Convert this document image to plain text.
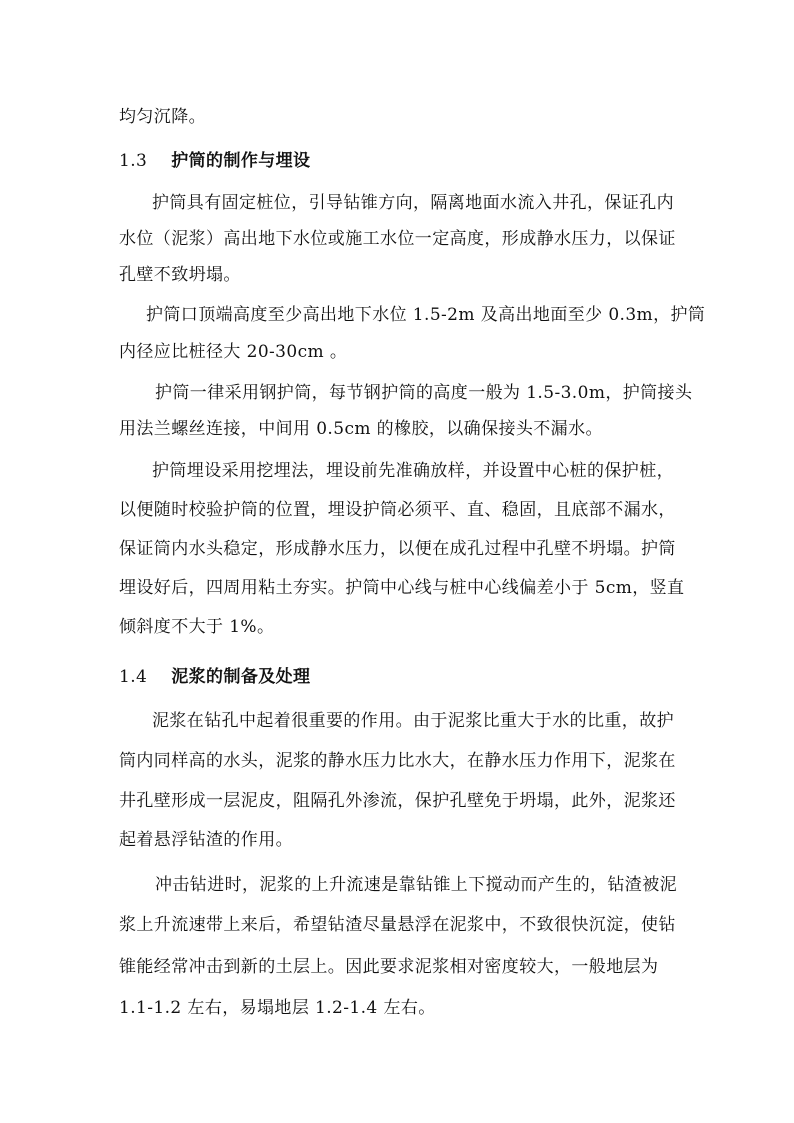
均匀沉降。
1.3 护筒的制作与埋设
护筒具有固定桩位，引导钻锥方向，隔离地面水流入井孔，保证孔内
水位（泥浆）高出地下水位或施工水位一定高度，形成静水压力，以保证
孔壁不致坍塌。
护筒口顶端高度至少高出地下水位 1.5-2m 及高出地面至少 0.3m，护筒
内径应比桩径大 20-30cm 。
护筒一律采用钢护筒，每节钢护筒的高度一般为 1.5-3.0m，护筒接头
用法兰螺丝连接，中间用 0.5cm 的橡胶，以确保接头不漏水。
护筒埋设采用挖埋法，埋设前先准确放样，并设置中心桩的保护桩，
以便随时校验护筒的位置，埋设护筒必须平、直、稳固，且底部不漏水，
保证筒内水头稳定，形成静水压力，以便在成孔过程中孔壁不坍塌。护筒
埋设好后，四周用粘土夯实。护筒中心线与桩中心线偏差小于 5cm，竖直
倾斜度不大于 1%。
1.4 泥浆的制备及处理
泥浆在钻孔中起着很重要的作用。由于泥浆比重大于水的比重，故护
筒内同样高的水头，泥浆的静水压力比水大，在静水压力作用下，泥浆在
井孔壁形成一层泥皮，阻隔孔外渗流，保护孔壁免于坍塌，此外，泥浆还
起着悬浮钻渣的作用。
冲击钻进时，泥浆的上升流速是靠钻锥上下搅动而产生的，钻渣被泥
浆上升流速带上来后，希望钻渣尽量悬浮在泥浆中，不致很快沉淀，使钻
锥能经常冲击到新的土层上。因此要求泥浆相对密度较大，一般地层为
1.1-1.2 左右，易塌地层 1.2-1.4 左右。
